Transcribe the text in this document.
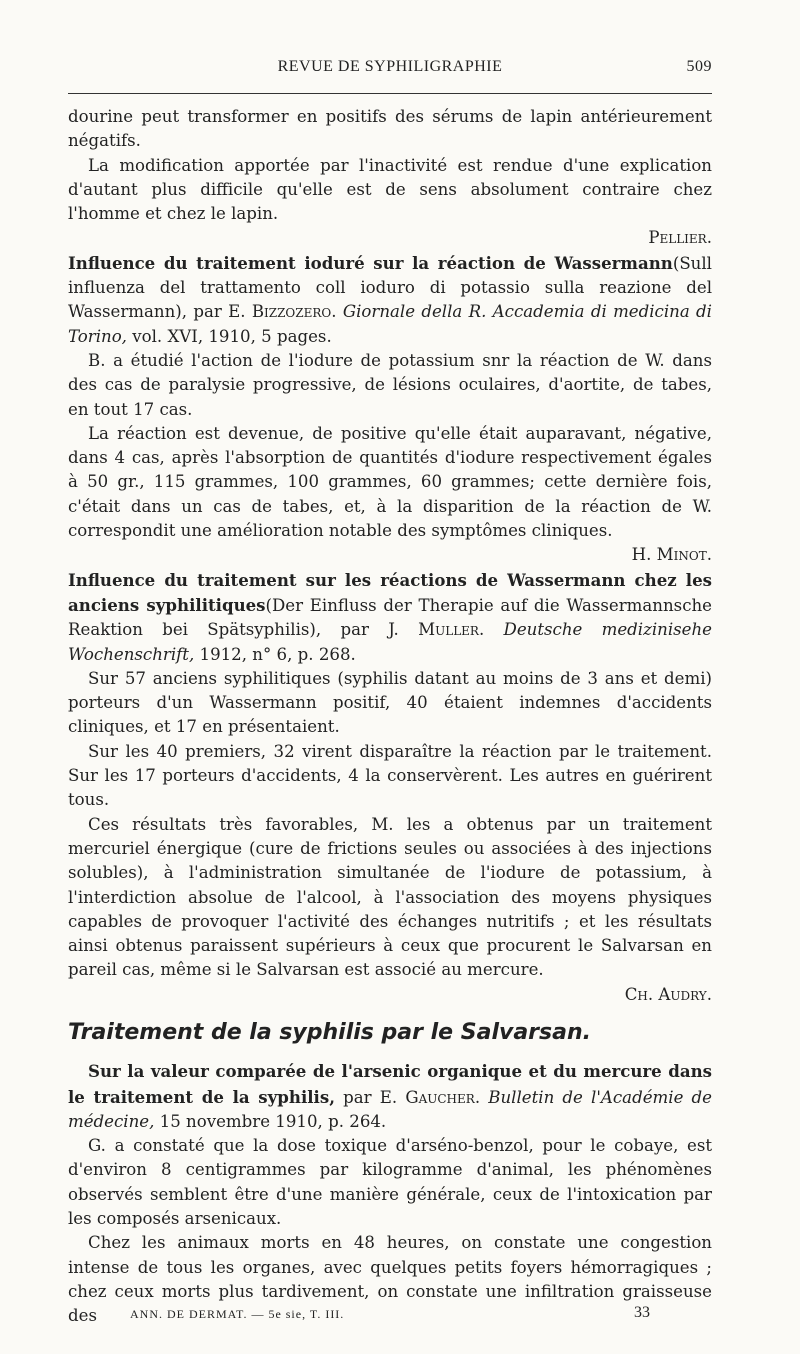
REVUE DE SYPHILIGRAPHIE	509

dourine peut transformer en positifs des sérums de lapin antérieurement négatifs.

La modification apportée par l'inactivité est rendue d'une explication d'autant plus difficile qu'elle est de sens absolument contraire chez l'homme et chez le lapin.

Pellier.

Influence du traitement ioduré sur la réaction de Wassermann(Sull influenza del trattamento coll ioduro di potassio sulla reazione del Wassermann), par E. Bizzozero. Giornale della R. Accademia di medicina di Torino, vol. XVI, 1910, 5 pages.

B. a étudié l'action de l'iodure de potassium snr la réaction de W. dans des cas de paralysie progressive, de lésions oculaires, d'aortite, de tabes, en tout 17 cas.

La réaction est devenue, de positive qu'elle était auparavant, négative, dans 4 cas, après l'absorption de quantités d'iodure respectivement égales à 50 gr., 115 grammes, 100 grammes, 60 grammes; cette dernière fois, c'était dans un cas de tabes, et, à la disparition de la réaction de W. correspondit une amélioration notable des symptômes cliniques.

H. Minot.

Influence du traitement sur les réactions de Wassermann chez les anciens syphilitiques(Der Einfluss der Therapie auf die Wassermannsche Reaktion bei Spätsyphilis), par J. Muller. Deutsche medizinisehe Wochenschrift, 1912, n° 6, p. 268.

Sur 57 anciens syphilitiques (syphilis datant au moins de 3 ans et demi) porteurs d'un Wassermann positif, 40 étaient indemnes d'accidents cliniques, et 17 en présentaient.

Sur les 40 premiers, 32 virent disparaître la réaction par le traitement. Sur les 17 porteurs d'accidents, 4 la conservèrent. Les autres en guérirent tous.

Ces résultats très favorables, M. les a obtenus par un traitement mercuriel énergique (cure de frictions seules ou associées à des injections solubles), à l'administration simultanée de l'iodure de potassium, à l'interdiction absolue de l'alcool, à l'association des moyens physiques capables de provoquer l'activité des échanges nutritifs ; et les résultats ainsi obtenus paraissent supérieurs à ceux que procurent le Salvarsan en pareil cas, même si le Salvarsan est associé au mercure.

Ch. Audry.

Traitement de la syphilis par le Salvarsan.

Sur la valeur comparée de l'arsenic organique et du mercure dans le traitement de la syphilis, par E. Gaucher. Bulletin de l'Académie de médecine, 15 novembre 1910, p. 264.

G. a constaté que la dose toxique d'arséno-benzol, pour le cobaye, est d'environ 8 centigrammes par kilogramme d'animal, les phénomènes observés semblent être d'une manière générale, ceux de l'intoxication par les composés arsenicaux.

Chez les animaux morts en 48 heures, on constate une congestion intense de tous les organes, avec quelques petits foyers hémorragiques ; chez ceux morts plus tardivement, on constate une infiltration graisseuse des	ANN. DE DERMAT. — 5e sie, T. III.	33
